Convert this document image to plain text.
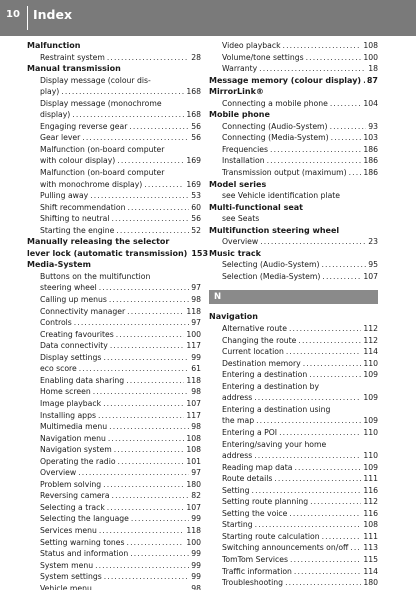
10 Index
Malfunction
Restraint system .....	28
Manual transmission
Display message (colour dis-
play) .....	168
Display message (monochrome
display) .....	168
Engaging reverse gear .....	56
Gear lever .....	56
Malfunction (on-board computer
with colour display) .....	169
Malfunction (on-board computer
with monochrome display) .....	169
Pulling away .....	53
Shift recommendation .....	60
Shifting to neutral .....	56
Starting the engine .....	52
Manually releasing the selector
lever lock (automatic transmission) 153
Media-System
Buttons on the multifunction
steering wheel .....	97
Calling up menus .....	98
Connectivity manager .....	118
Controls .....	97
Creating favourites .....	100
Data connectivity .....	117
Display settings .....	99
eco score .....	61
Enabling data sharing .....	118
Home screen .....	98
Image playback .....	107
Installing apps .....	117
Multimedia menu .....	98
Navigation menu .....	108
Navigation system .....	108
Operating the radio .....	101
Overview .....	97
Problem solving .....	180
Reversing camera .....	82
Selecting a track .....	107
Selecting the language .....	99
Services menu .....	118
Setting warning tones .....	100
Status and information .....	99
System menu .....	99
System settings .....	99
Vehicle menu .....	98
Video playback .....	108
Volume/tone settings .....	100
Warranty .....	18
Message memory (colour display) ..... 87
MirrorLink®
Connecting a mobile phone .....	104
Mobile phone
Connecting (Audio-System) .....	93
Connecting (Media-System) .....	103
Frequencies .....	186
Installation .....	186
Transmission output (maximum) ..... 186
Model series
see Vehicle identification plate
Multi-functional seat
see Seats
Multifunction steering wheel
Overview .....	23
Music track
Selecting (Audio-System) .....	95
Selection (Media-System) .....	107
N
Navigation
Alternative route .....	112
Changing the route .....	112
Current location .....	114
Destination memory .....	110
Entering a destination .....	109
Entering a destination by
address .....	109
Entering a destination using
the map .....	109
Entering a POI .....	110
Entering/saving your home
address .....	110
Reading map data .....	109
Route details .....	111
Setting .....	116
Setting route planning .....	112
Setting the voice .....	116
Starting .....	108
Starting route calculation .....	111
Switching announcements on/off ..... 113
TomTom Services .....	115
Traffic information .....	114
Troubleshooting .....	180
